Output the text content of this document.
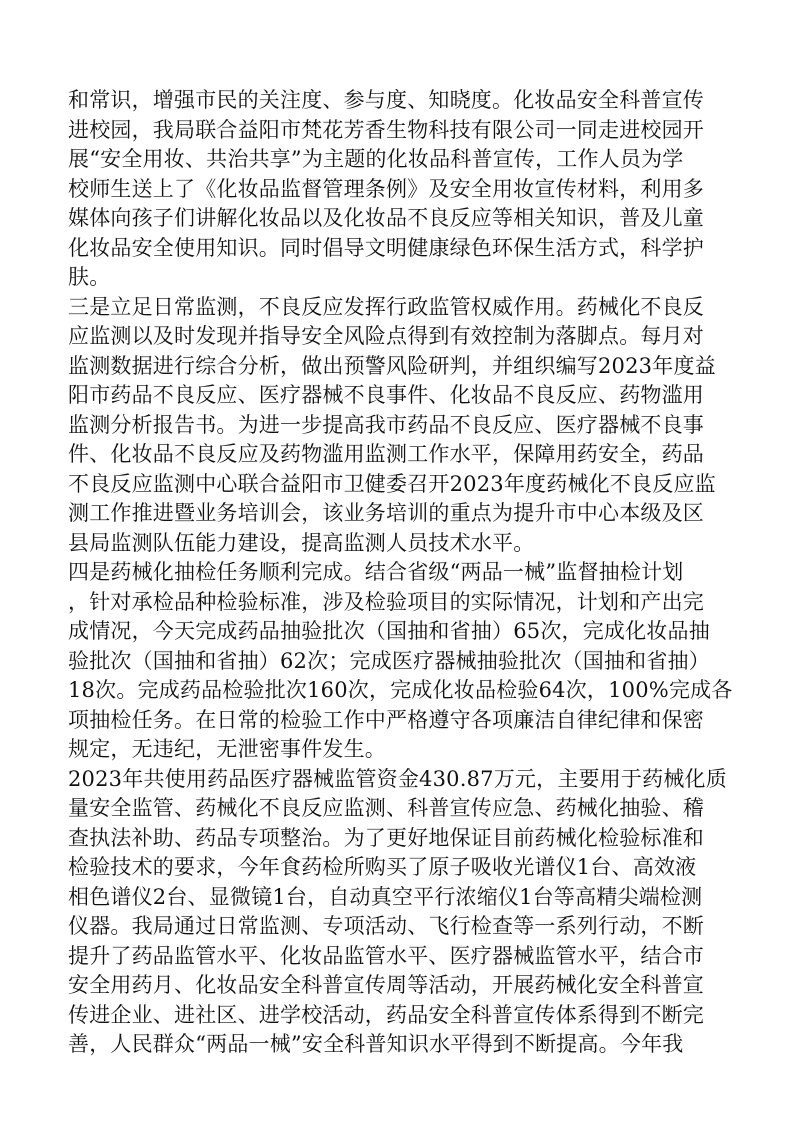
和常识，增强市民的关注度、参与度、知晓度。化妆品安全科普宣传
进校园，我局联合益阳市梵花芳香生物科技有限公司一同走进校园开
展“安全用妆、共治共享”为主题的化妆品科普宣传，工作人员为学
校师生送上了《化妆品监督管理条例》及安全用妆宣传材料，利用多
媒体向孩子们讲解化妆品以及化妆品不良反应等相关知识，普及儿童
化妆品安全使用知识。同时倡导文明健康绿色环保生活方式，科学护
肤。
三是立足日常监测，不良反应发挥行政监管权威作用。药械化不良反
应监测以及时发现并指导安全风险点得到有效控制为落脚点。每月对
监测数据进行综合分析，做出预警风险研判，并组织编写2023年度益
阳市药品不良反应、医疗器械不良事件、化妆品不良反应、药物滥用
监测分析报告书。为进一步提高我市药品不良反应、医疗器械不良事
件、化妆品不良反应及药物滥用监测工作水平，保障用药安全，药品
不良反应监测中心联合益阳市卫健委召开2023年度药械化不良反应监
测工作推进暨业务培训会，该业务培训的重点为提升市中心本级及区
县局监测队伍能力建设，提高监测人员技术水平。
四是药械化抽检任务顺利完成。结合省级“两品一械”监督抽检计划
，针对承检品种检验标准，涉及检验项目的实际情况，计划和产出完
成情况，今天完成药品抽验批次（国抽和省抽）65次，完成化妆品抽
验批次（国抽和省抽）62次；完成医疗器械抽验批次（国抽和省抽）
18次。完成药品检验批次160次，完成化妆品检验64次，100%完成各
项抽检任务。在日常的检验工作中严格遵守各项廉洁自律纪律和保密
规定，无违纪，无泄密事件发生。
2023年共使用药品医疗器械监管资金430.87万元，主要用于药械化质
量安全监管、药械化不良反应监测、科普宣传应急、药械化抽验、稽
查执法补助、药品专项整治。为了更好地保证目前药械化检验标准和
检验技术的要求，今年食药检所购买了原子吸收光谱仪1台、高效液
相色谱仪2台、显微镜1台，自动真空平行浓缩仪1台等高精尖端检测
仪器。我局通过日常监测、专项活动、飞行检查等一系列行动，不断
提升了药品监管水平、化妆品监管水平、医疗器械监管水平，结合市
安全用药月、化妆品安全科普宣传周等活动，开展药械化安全科普宣
传进企业、进社区、进学校活动，药品安全科普宣传体系得到不断完
善，人民群众“两品一械”安全科普知识水平得到不断提高。今年我
